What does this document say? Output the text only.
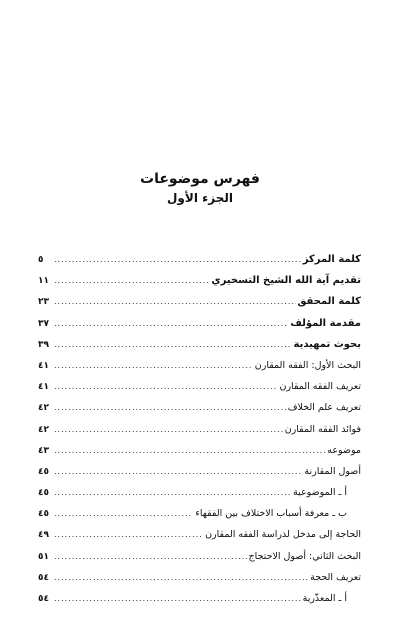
فهرس موضوعات
الجزء الأول
كلمة المركز
.....
٥
تقديم آية الله الشيخ التسخيري
.....
١١
كلمة المحقق
.....
٢٣
مقدمة المؤلف
.....
٣٧
بحوث تمهيدية
.....
٣٩
البحث الأول: الفقه المقارن
.....
٤١
تعريف الفقه المقارن
.....
٤١
تعريف علم الخلاف
.....
٤٢
فوائد الفقه المقارن
.....
٤٢
موضوعه
.....
٤٣
أصول المقارنة
.....
٤٥
أ ـ الموضوعية
.....
٤٥
ب ـ معرفة أسباب الاختلاف بين الفقهاء
.....
٤٥
الحاجة إلى مدخل لدراسة الفقه المقارن
.....
٤٩
البحث الثاني: أصول الاحتجاج
.....
٥١
تعريف الحجة
.....
٥٤
أ ـ المعذّرية
.....
٥٤
